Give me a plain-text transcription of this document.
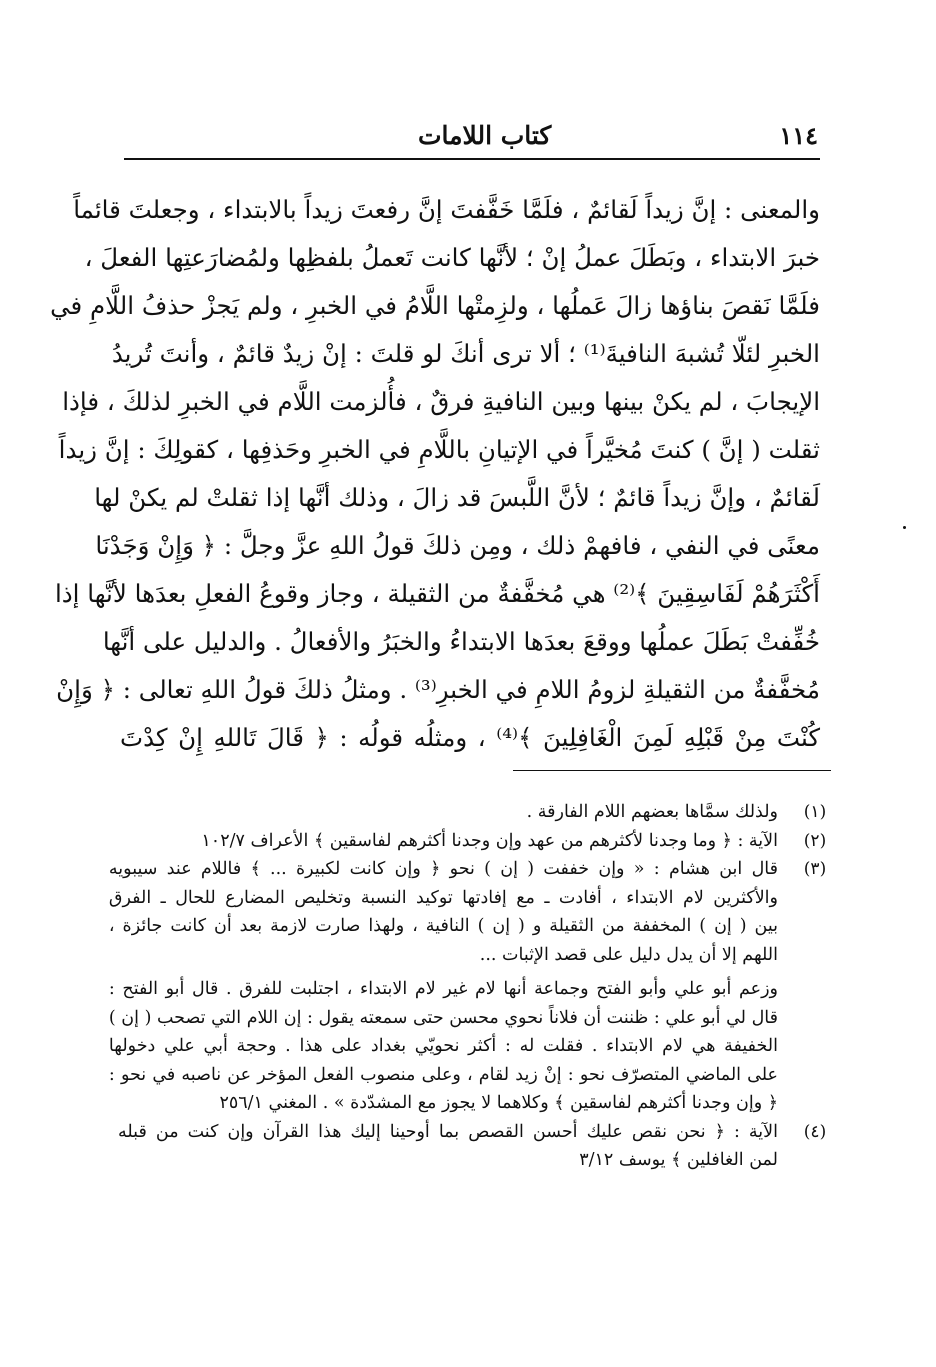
١١٤
كتاب اللامات
والمعنى : إنَّ زيداً لَقائمٌ ، فلَمَّا خَفَّفتَ إنَّ رفعتَ زيداً بالابتداء ، وجعلتَ قائماً
خبرَ الابتداء ، وبَطَلَ عملُ إنْ ؛ لأنَّها كانت تَعملُ بلفظِها ولمُضارَعتِها الفعلَ ،
فلَمَّا نَقصَ بناؤها زالَ عَملُها ، ولزِمتْها اللَّامُ في الخبرِ ، ولم يَجزْ حذفُ اللَّامِ في
الخبرِ لئلّا تُشبهَ النافيةَ⁽¹⁾ ؛ ألا ترى أنكَ لو قلتَ : إنْ زيدٌ قائمٌ ، وأنتَ تُريدُ
الإيجابَ ، لم يكنْ بينها وبين النافيةِ فرقٌ ، فأُلزمت اللَّام في الخبرِ لذلكَ ، فإذا
ثقلت ( إنَّ ) كنتَ مُخيَّراً في الإتيانِ باللَّامِ في الخبرِ وحَذفِها ، كقولِكَ : إنَّ زيداً
لَقائمٌ ، وإنَّ زيداً قائمٌ ؛ لأنَّ اللَّبسَ قد زالَ ، وذلك أنَّها إذا ثقلتْ لم يكنْ لها
معنًى في النفي ، فافهمْ ذلك ، ومِن ذلكَ قولُ اللهِ عزَّ وجلَّ : ﴿ وَإِنْ وَجَدْنَا
أَكْثَرَهُمْ لَفَاسِقِينَ ﴾⁽²⁾ هي مُخفَّفةٌ من الثقيلة ، وجاز وقوعُ الفعلِ بعدَها لأنَّها إذا
خُفِّفتْ بَطَلَ عملُها ووقعَ بعدَها الابتداءُ والخبَرُ والأفعالُ . والدليل على أنَّها
مُخفَّفةٌ من الثقيلةِ لزومُ اللامِ في الخبرِ⁽³⁾ . ومثلُ ذلكَ قولُ اللهِ تعالى : ﴿ وَإِنْ
كُنْتَ مِنْ قَبْلِهِ لَمِنَ الْغَافِلِينَ ﴾⁽⁴⁾ ، ومثلُه قولُه : ﴿ قَالَ تَاللهِ إِنْ كِدْتَ
(١)
ولذلك سمَّاها بعضهم اللام الفارقة .
(٢)
الآية : ﴿ وما وجدنا لأكثرهم من عهد وإن وجدنا أكثرهم لفاسقين ﴾ الأعراف ١٠٢/٧
(٣)
قال ابن هشام : « وإن خففت ( إن ) نحو ﴿ وإن كانت لكبيرة ... ﴾ فاللام عند سيبويه
والأكثرين لام الابتداء ، أفادت ـ مع إفادتها توكيد النسبة وتخليص المضارع للحال ـ الفرق
بين ( إن ) المخففة من الثقيلة و ( إن ) النافية ، ولهذا صارت لازمة بعد أن كانت جائزة ،
اللهم إلا أن يدل دليل على قصد الإثبات ...
وزعم أبو علي وأبو الفتح وجماعة أنها لام غير لام الابتداء ، اجتلبت للفرق . قال أبو الفتح :
قال لي أبو علي : ظننت أن فلاناً نحوي محسن حتى سمعته يقول : إن اللام التي تصحب ( إن )
الخفيفة هي لام الابتداء . فقلت له : أكثر نحويّي بغداد على هذا . وحجة أبي علي دخولها
على الماضي المتصرّف نحو : إنْ زيد لقام ، وعلى منصوب الفعل المؤخر عن ناصبه في نحو :
﴿ وإن وجدنا أكثرهم لفاسقين ﴾ وكلاهما لا يجوز مع المشدّدة » . المغني ٢٥٦/١
(٤)
الآية : ﴿ نحن نقص عليك أحسن القصص بما أوحينا إليك هذا القرآن وإن كنت من قبله
لمن الغافلين ﴾ يوسف ٣/١٢
